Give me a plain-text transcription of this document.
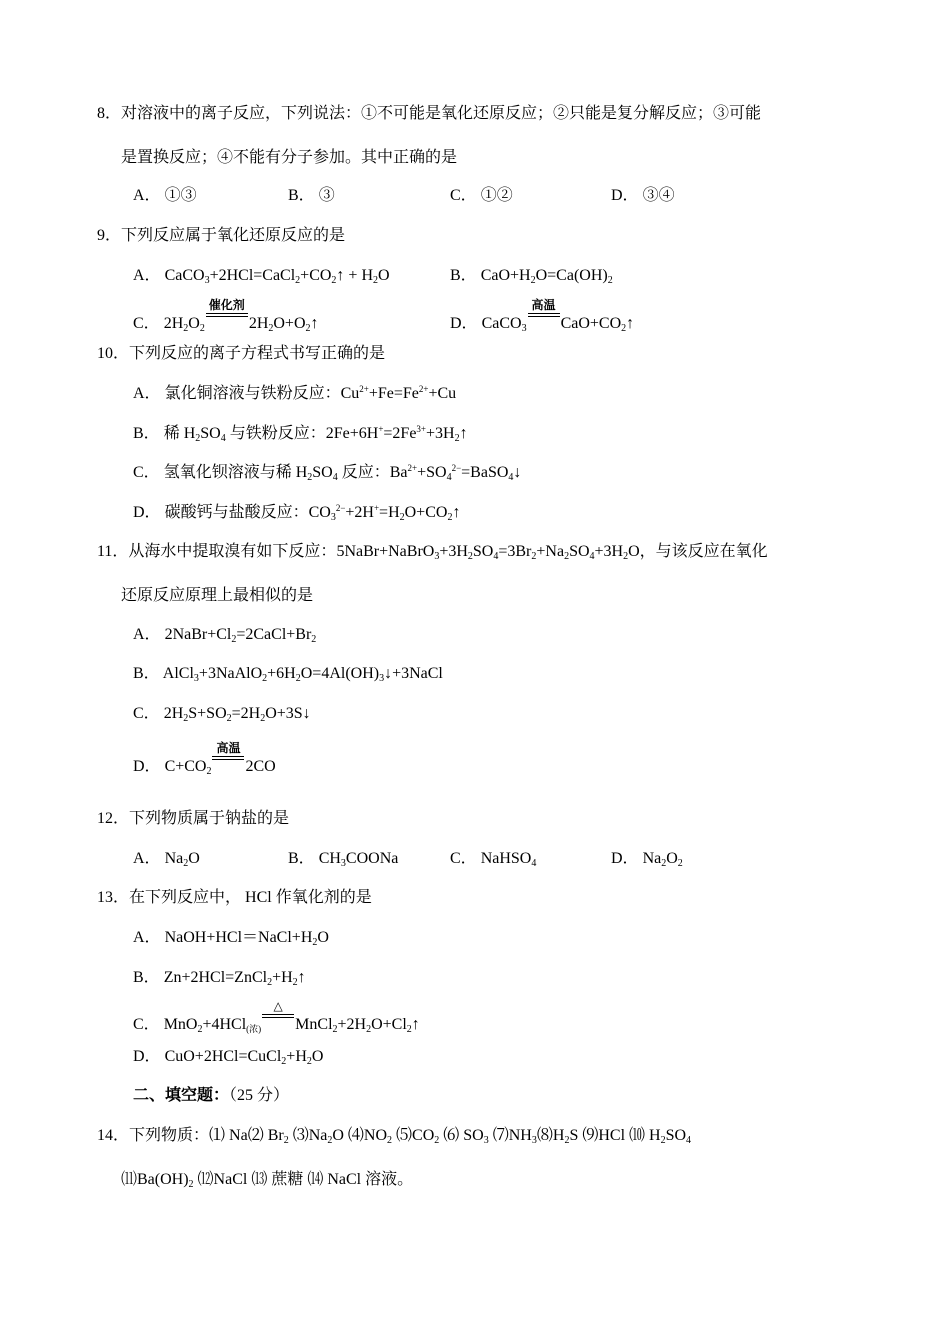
8．对溶液中的离子反应，下列说法：①不可能是氧化还原反应；②只能是复分解反应；③可能
是置换反应；④不能有分子参加。其中正确的是
A． ①③	B． ③	C． ①②	D． ③④
9．下列反应属于氧化还原反应的是
A． $CaCO_3+2HCl=CaCl_2+CO_2↑ + H_2O$	B． $CaO+H_2O=Ca(OH)_2$
C． $2H_2O_2$
催化剂
$2H_2O+O_2↑$	D． CaCO$_3$
高温
$CaO+CO_2↑$
10．下列反应的离子方程式书写正确的是
A． 氯化铜溶液与铁粉反应：$Cu^{2+}+Fe=Fe^{2+}+Cu$
B． 稀 $H_2SO_4$ 与铁粉反应：$2Fe+6H^+=2Fe^{3+}+3H_2↑$
C． 氢氧化钡溶液与稀 $H_2SO_4$ 反应：$Ba^{2+}+SO_4^{2-}=BaSO_4↓$
D． 碳酸钙与盐酸反应：$CO_3^{2-}+2H^+=H_2O+CO_2↑$
11．从海水中提取溴有如下反应：$5NaBr+NaBrO_3+3H_2SO_4=3Br_2+Na_2SO_4+3H_2O$，与该反应在氧化
还原反应原理上最相似的是
A． $2NaBr+Cl_2=2CaCl+Br_2$
B． $AlCl_3+3NaAlO_2+6H_2O=4Al(OH)_3↓+3NaCl$
C． $2H_2S+SO_2=2H_2O+3S↓$
D． $C+CO_2$
高温
2CO
12．下列物质属于钠盐的是
A． $Na_2O$	B． $CH_3COONa$	C． NaHSO$_4$	D． $Na_2O_2$
13．在下列反应中， HCl 作氧化剂的是
A． $NaOH+HCl=NaCl+H_2O$
B． $Zn+2HCl=ZnCl_2+H_2↑$
C． MnO$_2$+4HCl$_{(浓)}$
△
$MnCl_2+2H_2O+Cl_2↑$
D． $CuO+2HCl=CuCl_2+H_2O$
二、填空题：（25 分）
14．下列物质：⑴ Na⑵ $Br_2$ $⑶Na_2O$ $⑷NO_2$ $⑸CO_2$ ⑹ $SO_3$ $⑺NH_3⑻H_2S$ ⑼HCl ⑽ $H_2SO_4$
$⑾Ba(OH)_2$ ⑿NaCl ⒀ 蔗糖 ⒁ NaCl 溶液。
